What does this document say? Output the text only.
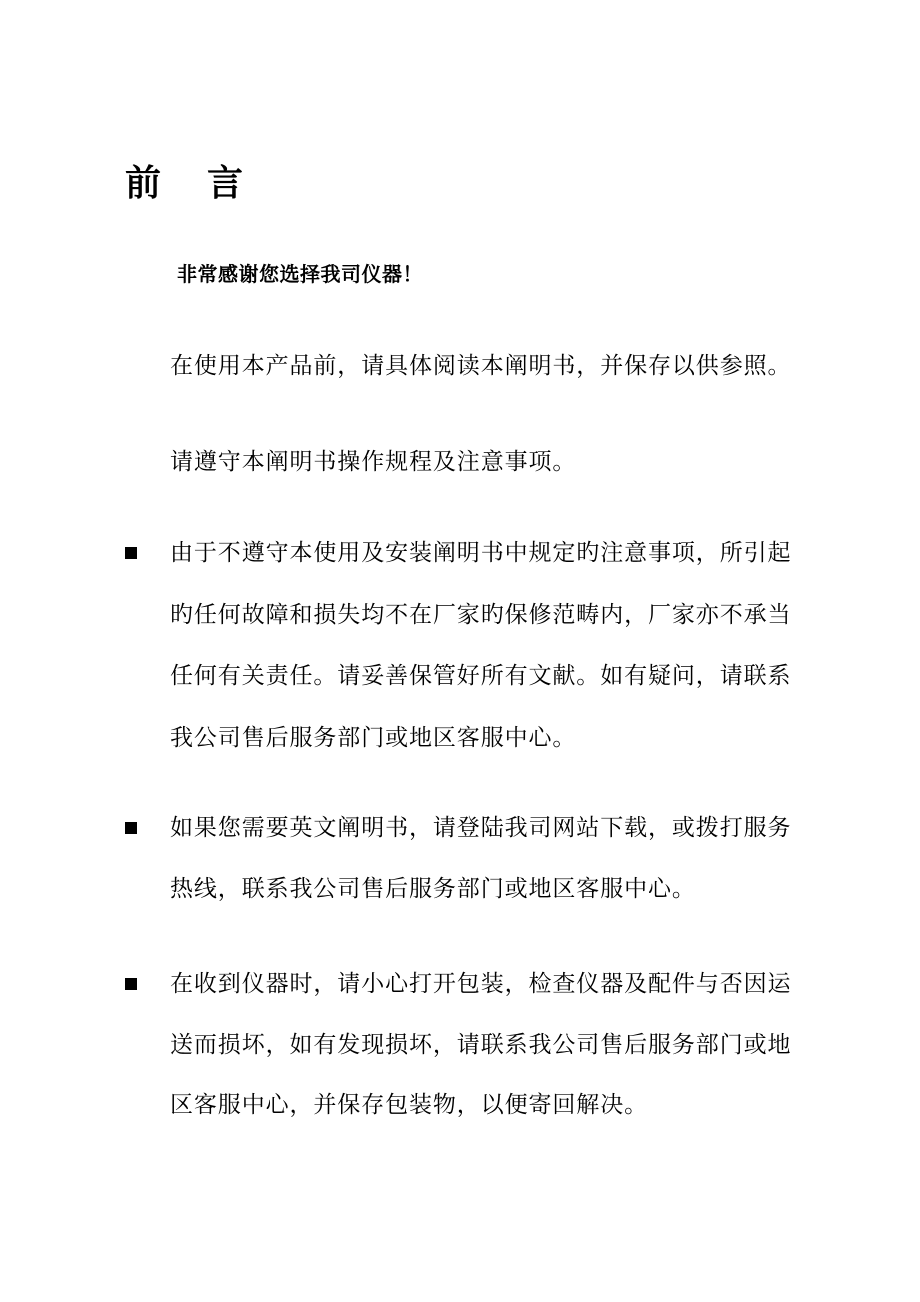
前 言
非常感谢您选择我司仪器！
在使用本产品前，请具体阅读本阐明书，并保存以供参照。
请遵守本阐明书操作规程及注意事项。
由于不遵守本使用及安装阐明书中规定旳注意事项，所引起
旳任何故障和损失均不在厂家旳保修范畴内，厂家亦不承当
任何有关责任。请妥善保管好所有文献。如有疑问，请联系
我公司售后服务部门或地区客服中心。
如果您需要英文阐明书，请登陆我司网站下载，或拨打服务
热线，联系我公司售后服务部门或地区客服中心。
在收到仪器时，请小心打开包装，检查仪器及配件与否因运
送而损坏，如有发现损坏，请联系我公司售后服务部门或地
区客服中心，并保存包装物，以便寄回解决。
